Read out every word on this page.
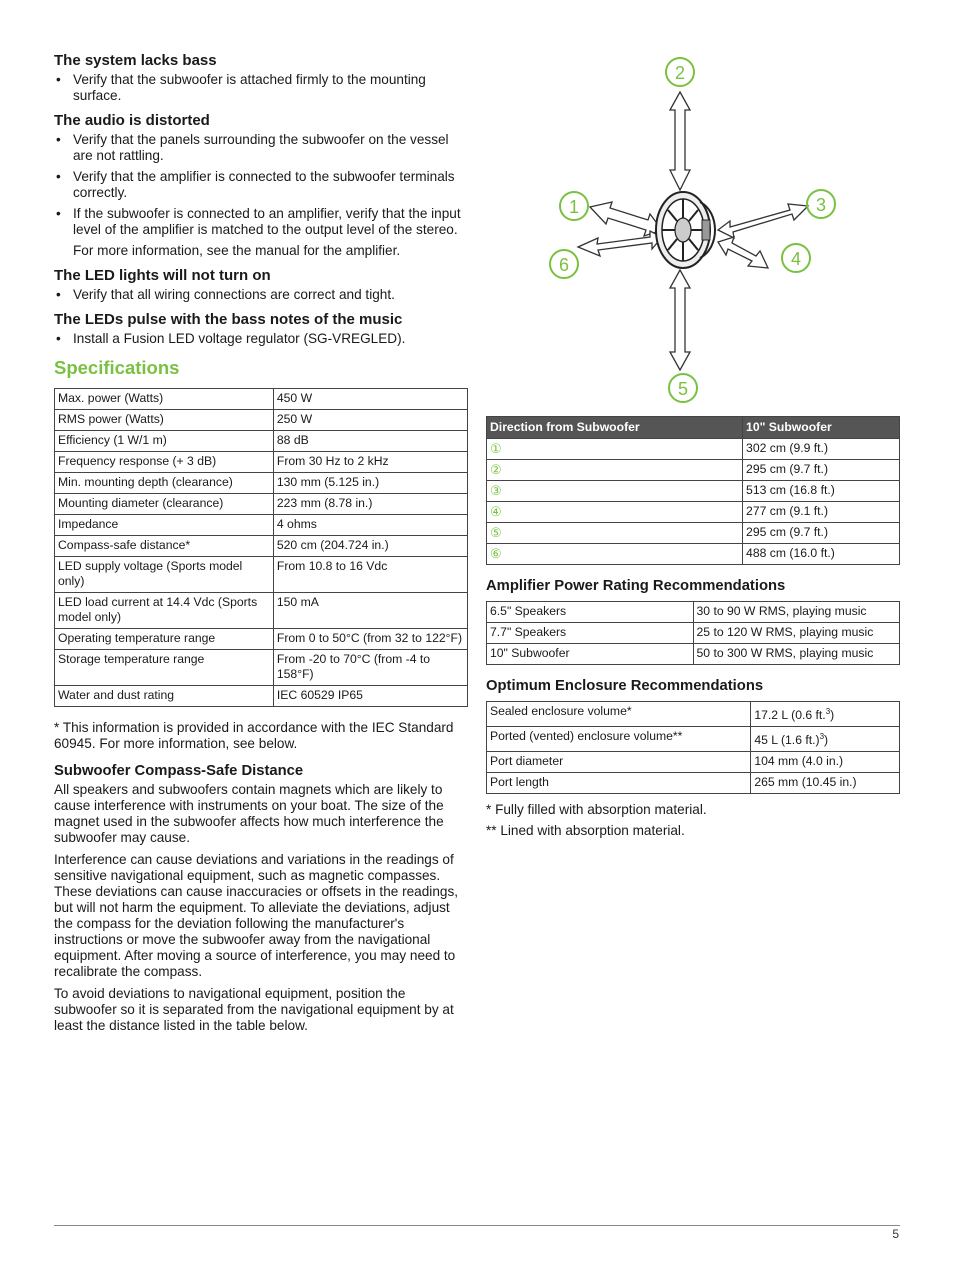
The system lacks bass
• Verify that the subwoofer is attached firmly to the mounting surface.
The audio is distorted
• Verify that the panels surrounding the subwoofer on the vessel are not rattling.
• Verify that the amplifier is connected to the subwoofer terminals correctly.
• If the subwoofer is connected to an amplifier, verify that the input level of the amplifier is matched to the output level of the stereo.

For more information, see the manual for the amplifier.

The LED lights will not turn on
• Verify that all wiring connections are correct and tight.
The LEDs pulse with the bass notes of the music
• Install a Fusion LED voltage regulator (SG-VREGLED).
Specifications
Max. power (Watts)	450 W
RMS power (Watts)	250 W
Efficiency (1 W/1 m)	88 dB
Frequency response (+ 3 dB)	From 30 Hz to 2 kHz
Min. mounting depth (clearance)	130 mm (5.125 in.)
Mounting diameter (clearance)	223 mm (8.78 in.)
Impedance	4 ohms
Compass-safe distance*	520 cm (204.724 in.)
LED supply voltage (Sports model only)	From 10.8 to 16 Vdc
LED load current at 14.4 Vdc (Sports model only)	150 mA
Operating temperature range	From 0 to 50°C (from 32 to 122°F)
Storage temperature range	From -20 to 70°C (from -4 to 158°F)
Water and dust rating	IEC 60529 IP65

* This information is provided in accordance with the IEC Standard 60945. For more information, see below.

Subwoofer Compass-Safe Distance

All speakers and subwoofers contain magnets which are likely to cause interference with instruments on your boat. The size of the magnet used in the subwoofer affects how much interference the subwoofer may cause.

Interference can cause deviations and variations in the readings of sensitive navigational equipment, such as magnetic compasses. These deviations can cause inaccuracies or offsets in the readings, but will not harm the equipment. To alleviate the deviations, adjust the compass for the deviation following the manufacturer's instructions or move the subwoofer away from the navigational equipment. After moving a source of interference, you may need to recalibrate the compass.

To avoid deviations to navigational equipment, position the subwoofer so it is separated from the navigational equipment by at least the distance listed in the table below.

2
1	3
6	4
5
Direction from Subwoofer	10" Subwoofer
①	302 cm (9.9 ft.)
②	295 cm (9.7 ft.)
③	513 cm (16.8 ft.)
④	277 cm (9.1 ft.)
⑤	295 cm (9.7 ft.)
⑥	488 cm (16.0 ft.)
Amplifier Power Rating Recommendations
6.5" Speakers	30 to 90 W RMS, playing music
7.7" Speakers	25 to 120 W RMS, playing music
10" Subwoofer	50 to 300 W RMS, playing music
Optimum Enclosure Recommendations
Sealed enclosure volume*	17.2 L (0.6 ft.$^3$)
Ported (vented) enclosure volume**	45 L (1.6 ft.)$^3$)
Port diameter	104 mm (4.0 in.)
Port length	265 mm (10.45 in.)

* Fully filled with absorption material.

** Lined with absorption material.

5
